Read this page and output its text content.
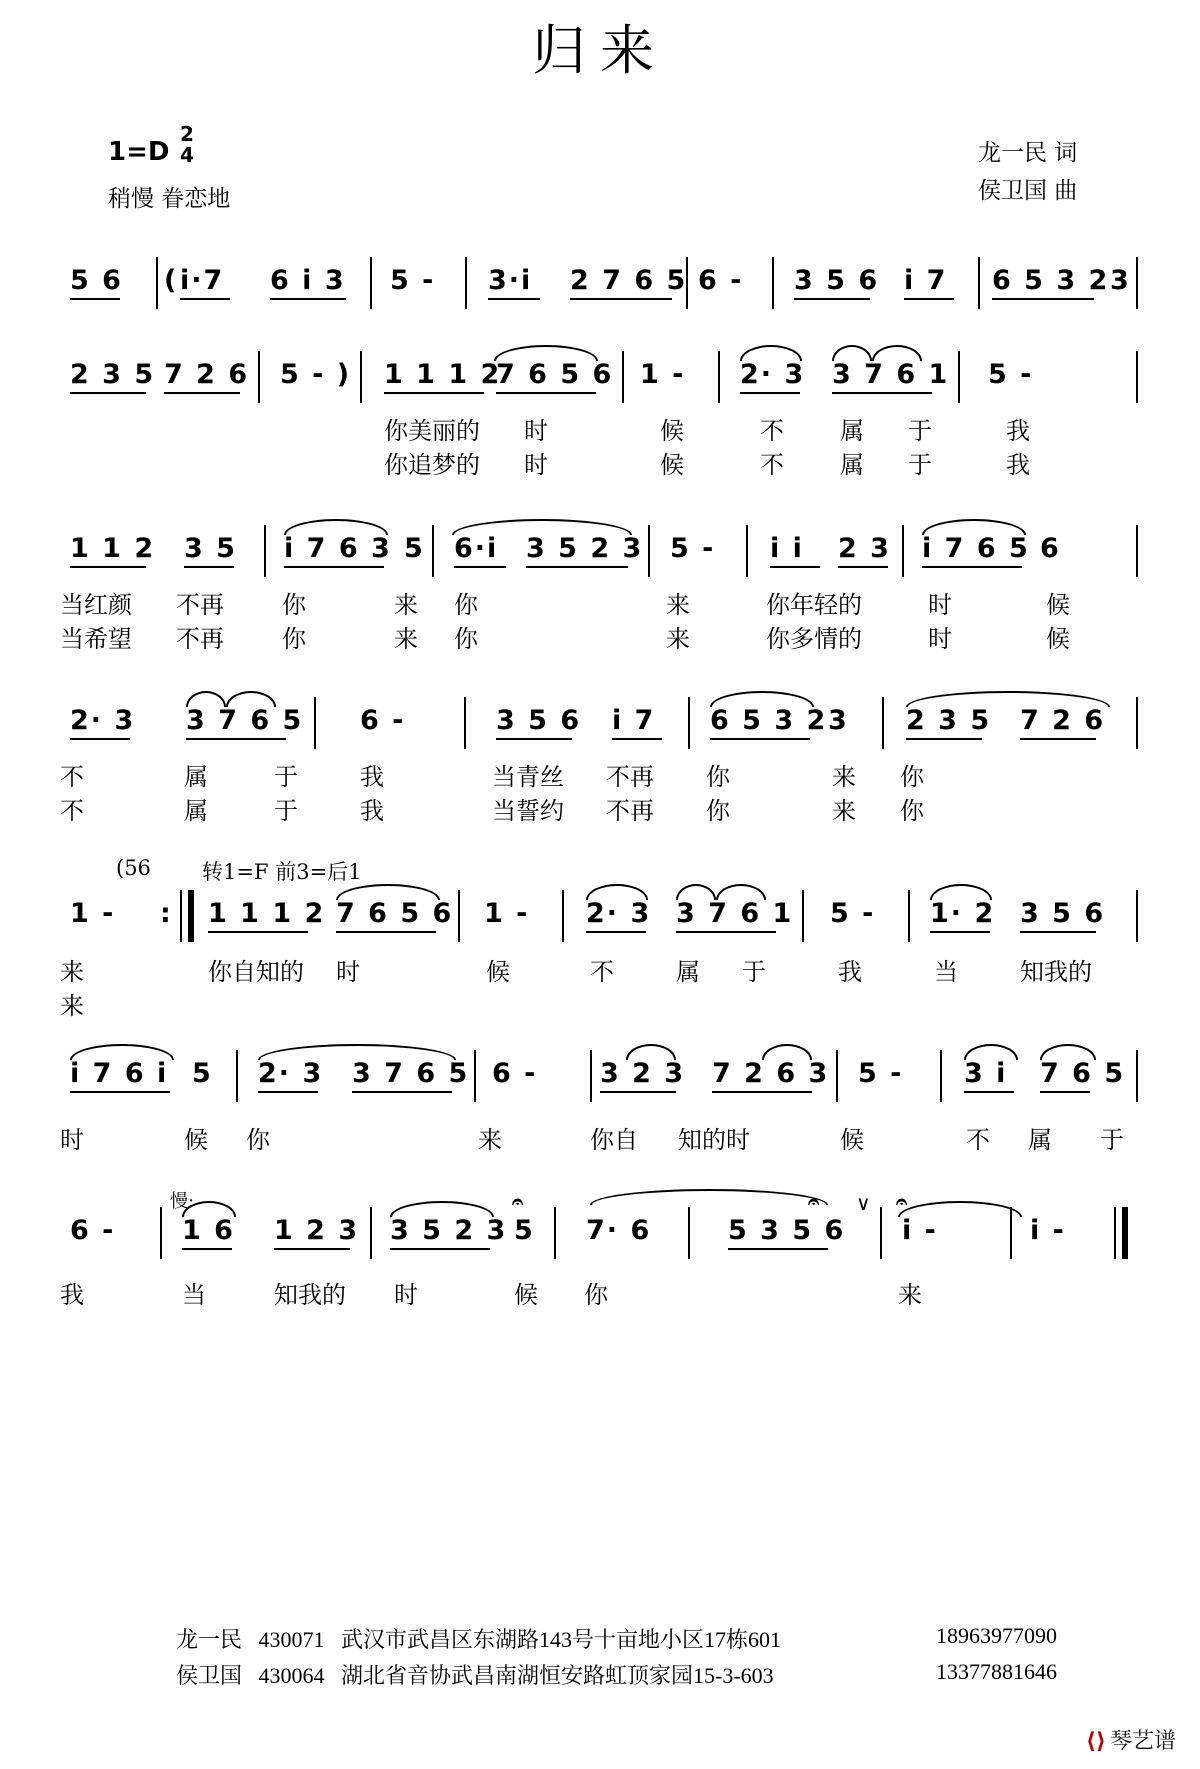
归来
1=D
2
4
稍慢 眷恋地
龙一民 词
侯卫国 曲
5 6 ( i·7 6 i 3 5 - 3·i 2 7 6 5 6 - 3 5 6 i 7 6 5 3 2 3
2 3 5 7 2 6 5 - ) 1 1 1 2
7 6 5 6 1 - 2· 3 3 7 6 1 5 -
你美丽的 时	候	不 属 于	我
你追梦的 时	候	不 属 于	我
1 1 2 3 5 i 7 6 3 5 6·i 3 5 2 3 5 - i i 2 3 i 7 6 5 6
当红颜 不再 你	来 你	来	你年轻的	时	候
当希望 不再 你	来 你	来	你多情的	时	候
2· 3 3 7 6 5 6 -	3 5 6 i 7 6 5 3 2 3 2 3 5 7 2 6
不	属	于	我	当青丝 不再 你	来 你
不	属	于	我	当誓约 不再 你	来 你
(56 转1=F 前3=后1
1 - : 1 1 1 2 7 6 5 6 1 - 2· 3 3 7 6 1 5 - 1· 2 3 5 6
来	你自知的 时	候	不	属 于	我	当	知我的
来
i 7 6 i 5 2· 3 3 7 6 5 6 - 3 2 3 7 2 6 3 5 - 3 i 7 6 5
时	候 你	来	你自 知的时	候	不 属 于
慢:
6 - 1 6 1 2 3 3 5 2 3 5
𝄐
7· 6	5 3 5 6
𝄐 ∨
i -
𝄐
i -
我	当	知我的 时	候 你	来
龙一民 430071 武汉市武昌区东湖路143号十亩地小区17栋601	18963977090
侯卫国 430064 湖北省音协武昌南湖恒安路虹顶家园15-3-603	13377881646
⟨⟩ 琴艺谱
